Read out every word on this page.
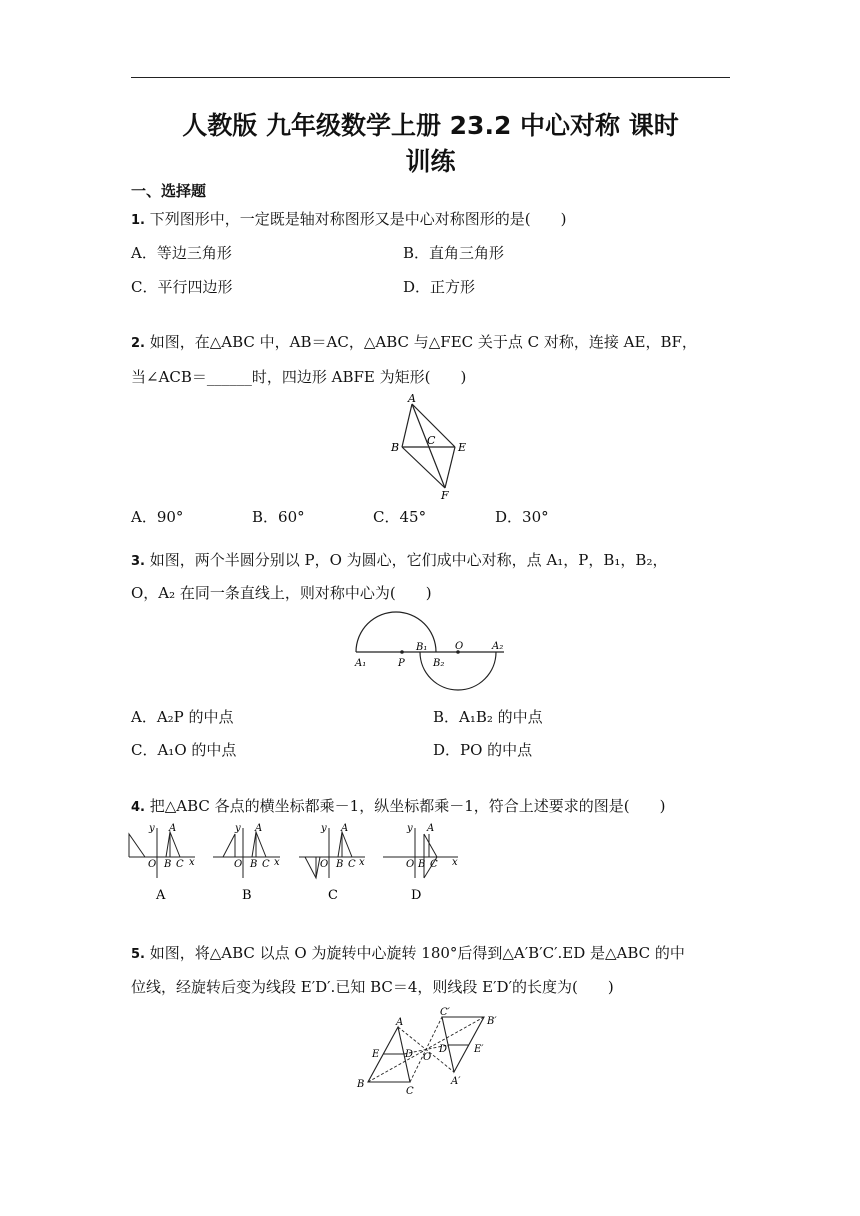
人教版 九年级数学上册 23.2 中心对称 课时
训练
一、选择题
1. 下列图形中，一定既是轴对称图形又是中心对称图形的是(　　)
A．等边三角形	B．直角三角形
C．平行四边形	D．正方形
2. 如图，在△ABC 中，AB＝AC，△ABC 与△FEC 关于点 C 对称，连接 AE，BF，
当∠ACB＝______时，四边形 ABFE 为矩形(　　)
A
B
C
E
F
A．90°	B．60°	C．45°	D．30°
3. 如图，两个半圆分别以 P，O 为圆心，它们成中心对称，点 A₁，P，B₁，B₂，
O，A₂ 在同一条直线上，则对称中心为(　　)
A₁	P
B₁
B₂
O	A₂
A．A₂P 的中点	B．A₁B₂ 的中点
C．A₁O 的中点	D．PO 的中点
4. 把△ABC 各点的横坐标都乘－1，纵坐标都乘－1，符合上述要求的图是(　　)
y A
O B C x
y A
O B C x
y A
O B C x
y A
O B C x
A	B	C	D
5. 如图，将△ABC 以点 O 为旋转中心旋转 180°后得到△A′B′C′.ED 是△ABC 的中
位线，经旋转后变为线段 E′D′.已知 BC＝4，则线段 E′D′的长度为(　　)
A
E	D
B
C
O
C′
B′
D′ E′
A′
